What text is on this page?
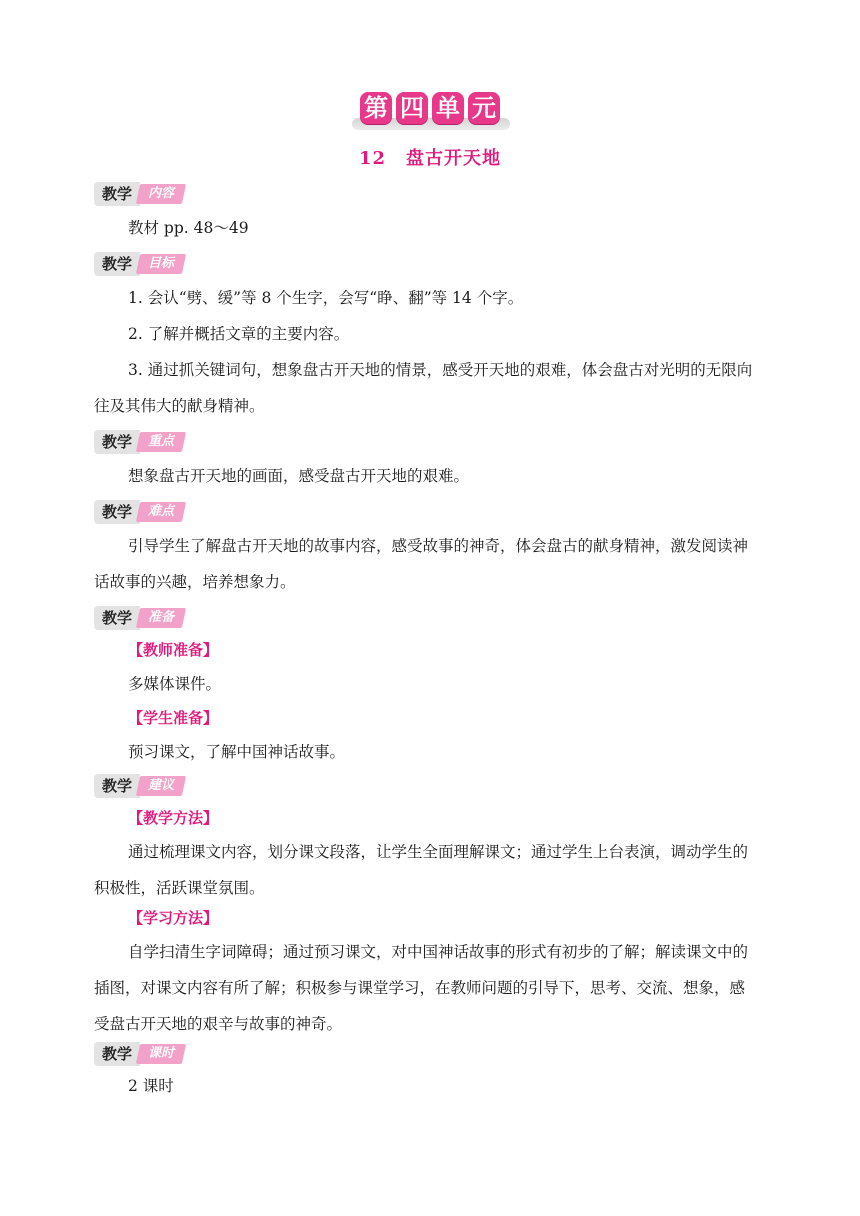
第 四 单 元
12 盘古开天地
教学	内容
教材 pp. 48～49
教学	目标
1. 会认“劈、缓”等 8 个生字，会写“睁、翻”等 14 个字。
2. 了解并概括文章的主要内容。
3. 通过抓关键词句，想象盘古开天地的情景，感受开天地的艰难，体会盘古对光明的无限向往及其伟大的献身精神。
教学	重点
想象盘古开天地的画面，感受盘古开天地的艰难。
教学	难点
引导学生了解盘古开天地的故事内容，感受故事的神奇，体会盘古的献身精神，激发阅读神话故事的兴趣，培养想象力。
教学	准备
【教师准备】
多媒体课件。
【学生准备】
预习课文，了解中国神话故事。
教学	建议
【教学方法】
通过梳理课文内容，划分课文段落，让学生全面理解课文；通过学生上台表演，调动学生的积极性，活跃课堂氛围。
【学习方法】
自学扫清生字词障碍；通过预习课文，对中国神话故事的形式有初步的了解；解读课文中的插图，对课文内容有所了解；积极参与课堂学习，在教师问题的引导下，思考、交流、想象，感受盘古开天地的艰辛与故事的神奇。
教学	课时
2 课时
